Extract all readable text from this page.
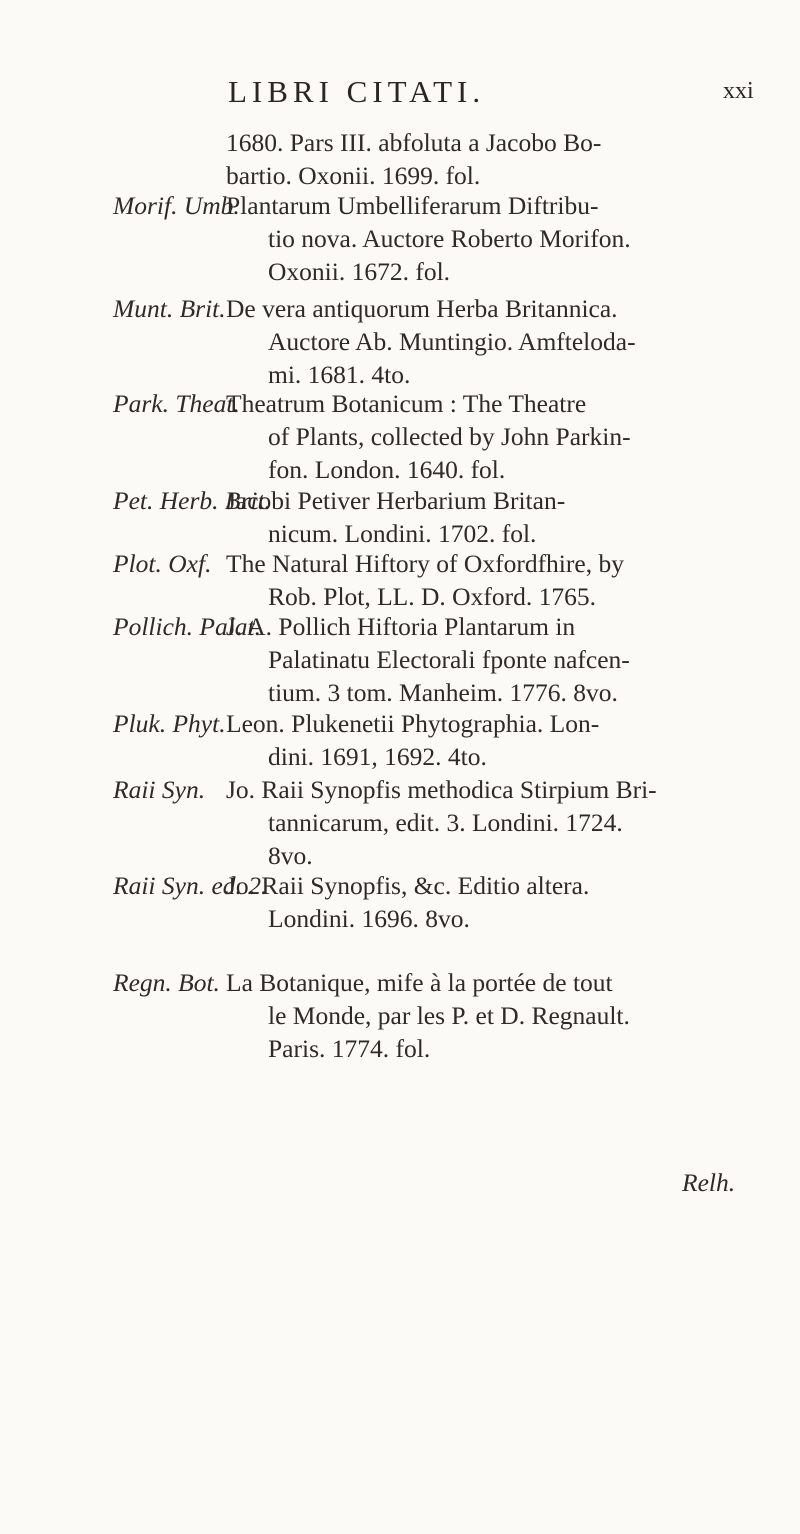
LIBRI CITATI.	xxi
1680. Pars III. abfoluta a Jacobo Bo-
bartio. Oxonii. 1699. fol.
Morif. Umb.
Plantarum Umbelliferarum Diftribu-
tio nova. Auctore Roberto Morifon.
Oxonii. 1672. fol.
Munt. Brit. De vera antiquorum Herba Britannica.
Auctore Ab. Muntingio. Amfteloda-
mi. 1681. 4to.
Park. Theat.
Theatrum Botanicum : The Theatre
of Plants, collected by John Parkin-
fon. London. 1640. fol.
Pet. Herb. Brit.
Jacobi Petiver Herbarium Britan-
nicum. Londini. 1702. fol.
Plot. Oxf. The Natural Hiftory of Oxfordfhire, by
Rob. Plot, LL. D. Oxford. 1765.
Pollich. Palat.
J. A. Pollich Hiftoria Plantarum in
Palatinatu Electorali fponte nafcen-
tium. 3 tom. Manheim. 1776. 8vo.
Pluk. Phyt. Leon. Plukenetii Phytographia. Lon-
dini. 1691, 1692. 4to.
Raii Syn. Jo. Raii Synopfis methodica Stirpium Bri-
tannicarum, edit. 3. Londini. 1724.
8vo.
Raii Syn. ed. 2.
Jo. Raii Synopfis, &c. Editio altera.
Londini. 1696. 8vo.
Regn. Bot. La Botanique, mife à la portée de tout
le Monde, par les P. et D. Regnault.
Paris. 1774. fol.
Relh.
